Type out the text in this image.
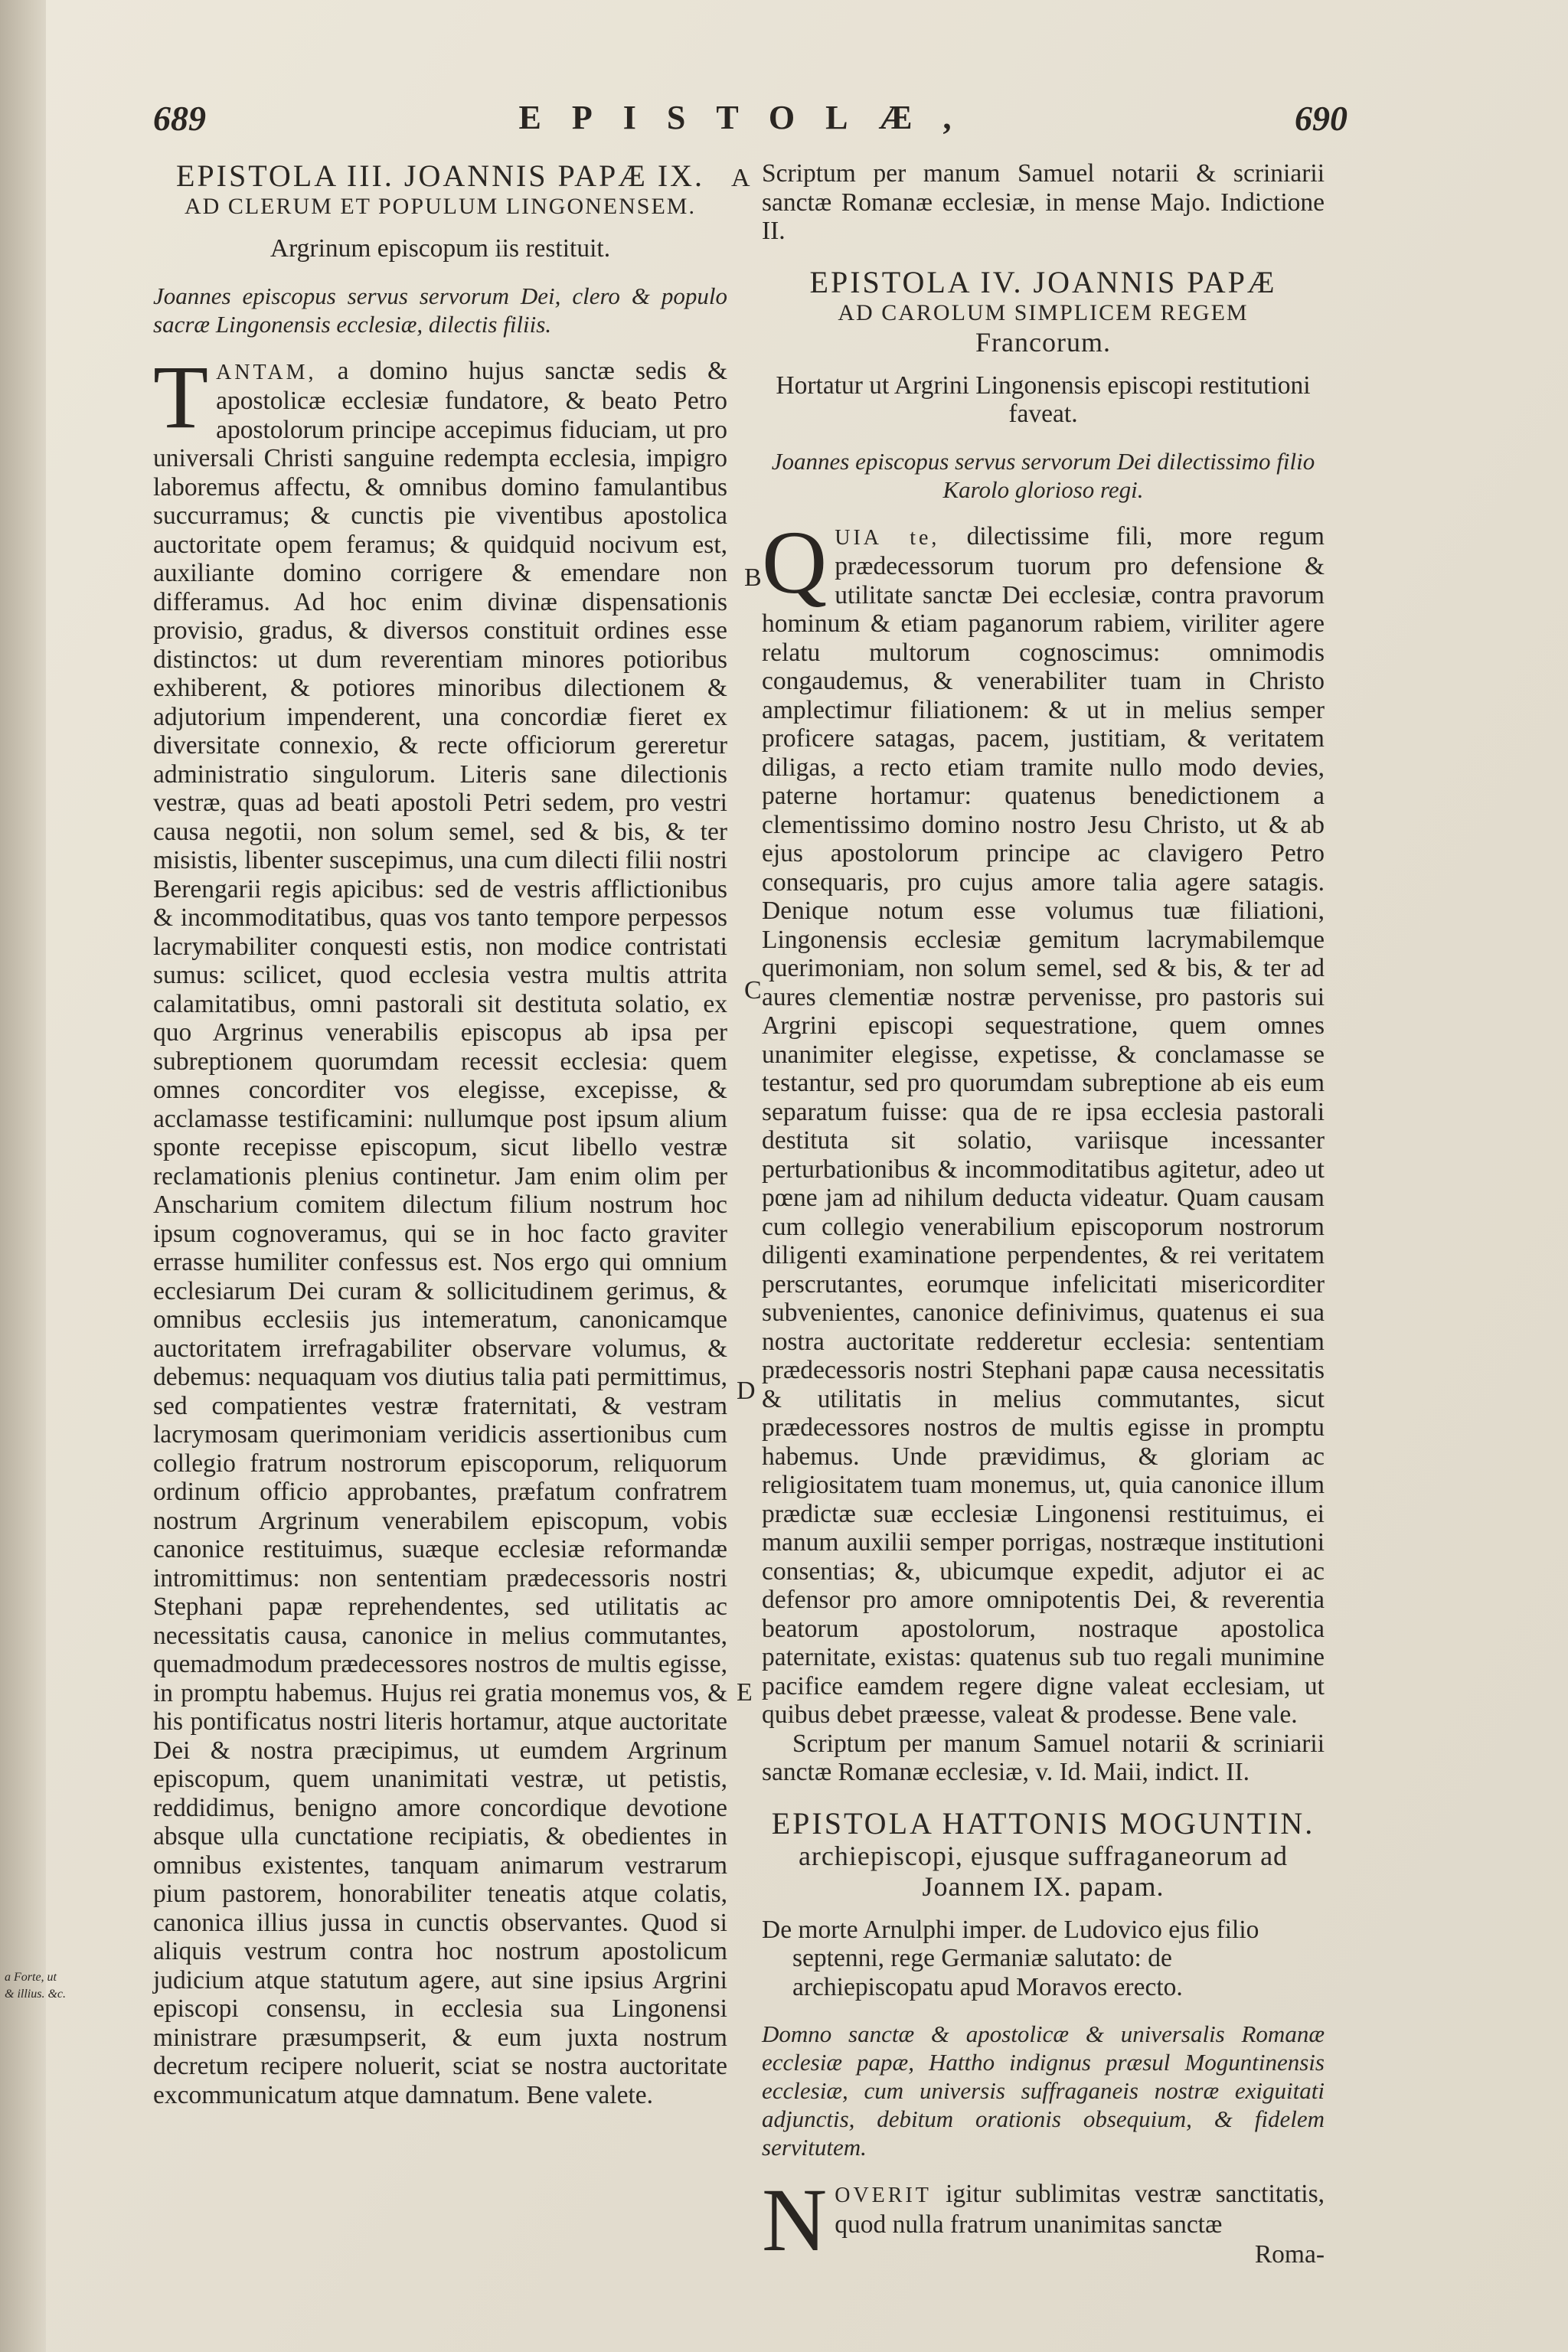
689	EPISTOLÆ,	690

EPISTOLA III. JOANNIS PAPÆ IX.

AD CLERUM ET POPULUM LINGONENSEM.

Argrinum episcopum iis restituit.

Joannes episcopus servus servorum Dei, clero & populo sacræ Lingonensis ecclesiæ, dilectis filiis.

TANTAM, a domino hujus sanctæ sedis & apostolicæ ecclesiæ fundatore, & beato Petro apostolorum principe accepimus fiduciam, ut pro universali Christi sanguine redempta ecclesia, impigro laboremus affectu, & omnibus domino famulantibus succurramus; & cunctis pie viventibus apostolica auctoritate opem feramus; & quidquid nocivum est, auxiliante domino corrigere & emendare non differamus. Ad hoc enim divinæ dispensationis provisio, gradus, & diversos constituit ordines esse distinctos: ut dum reverentiam minores potioribus exhiberent, & potiores minoribus dilectionem & adjutorium impenderent, una concordiæ fieret ex diversitate connexio, & recte officiorum gereretur administratio singulorum. Literis sane dilectionis vestræ, quas ad beati apostoli Petri sedem, pro vestri causa negotii, non solum semel, sed & bis, & ter misistis, libenter suscepimus, una cum dilecti filii nostri Berengarii regis apicibus: sed de vestris afflictionibus & incommoditatibus, quas vos tanto tempore perpessos lacrymabiliter conquesti estis, non modice contristati sumus: scilicet, quod ecclesia vestra multis attrita calamitatibus, omni pastorali sit destituta solatio, ex quo Argrinus venerabilis episcopus ab ipsa per subreptionem quorumdam recessit ecclesia: quem omnes concorditer vos elegisse, excepisse, & acclamasse testificamini: nullumque post ipsum alium sponte recepisse episcopum, sicut libello vestræ reclamationis plenius continetur. Jam enim olim per Anscharium comitem dilectum filium nostrum hoc ipsum cognoveramus, qui se in hoc facto graviter errasse humiliter confessus est. Nos ergo qui omnium ecclesiarum Dei curam & sollicitudinem gerimus, & omnibus ecclesiis jus intemeratum, canonicamque auctoritatem irrefragabiliter observare volumus, & debemus: nequaquam vos diutius talia pati permittimus, sed compatientes vestræ fraternitati, & vestram lacrymosam querimoniam veridicis assertionibus cum collegio fratrum nostrorum episcoporum, reliquorum ordinum officio approbantes, præfatum confratrem nostrum Argrinum venerabilem episcopum, vobis canonice restituimus, suæque ecclesiæ reformandæ intromittimus: non sententiam prædecessoris nostri Stephani papæ reprehendentes, sed utilitatis ac necessitatis causa, canonice in melius commutantes, quemadmodum prædecessores nostros de multis egisse, in promptu habemus. Hujus rei gratia monemus vos, & his pontificatus nostri literis hortamur, atque auctoritate Dei & nostra præcipimus, ut eumdem Argrinum episcopum, quem unanimitati vestræ, ut petistis, reddidimus, benigno amore concordique devotione absque ulla cunctatione recipiatis, & obedientes in omnibus existentes, tanquam animarum vestrarum pium pastorem, honorabiliter teneatis atque colatis, canonica illius jussa in cunctis observantes. Quod si aliquis vestrum contra hoc nostrum apostolicum judicium atque statutum agere, aut sine ipsius Argrini episcopi consensu, in ecclesia sua Lingonensi ministrare præsumpserit, & eum juxta nostrum decretum recipere noluerit, sciat se nostra auctoritate excommunicatum atque damnatum. Bene valete.

Scriptum per manum Samuel notarii & scriniarii sanctæ Romanæ ecclesiæ, in mense Majo. Indictione II.

EPISTOLA IV. JOANNIS PAPÆ

AD CAROLUM SIMPLICEM REGEM

Francorum.

Hortatur ut Argrini Lingonensis episcopi restitutioni faveat.

Joannes episcopus servus servorum Dei dilectissimo filio Karolo glorioso regi.

QUIA te, dilectissime fili, more regum prædecessorum tuorum pro defensione & utilitate sanctæ Dei ecclesiæ, contra pravorum hominum & etiam paganorum rabiem, viriliter agere relatu multorum cognoscimus: omnimodis congaudemus, & venerabiliter tuam in Christo amplectimur filiationem: & ut in melius semper proficere satagas, pacem, justitiam, & veritatem diligas, a recto etiam tramite nullo modo devies, paterne hortamur: quatenus benedictionem a clementissimo domino nostro Jesu Christo, ut & ab ejus apostolorum principe ac clavigero Petro consequaris, pro cujus amore talia agere satagis. Denique notum esse volumus tuæ filiationi, Lingonensis ecclesiæ gemitum lacrymabilemque querimoniam, non solum semel, sed & bis, & ter ad aures clementiæ nostræ pervenisse, pro pastoris sui Argrini episcopi sequestratione, quem omnes unanimiter elegisse, expetisse, & conclamasse se testantur, sed pro quorumdam subreptione ab eis eum separatum fuisse: qua de re ipsa ecclesia pastorali destituta sit solatio, variisque incessanter perturbationibus & incommoditatibus agitetur, adeo ut pœne jam ad nihilum deducta videatur. Quam causam cum collegio venerabilium episcoporum nostrorum diligenti examinatione perpendentes, & rei veritatem perscrutantes, eorumque infelicitati misericorditer subvenientes, canonice definivimus, quatenus ei sua nostra auctoritate redderetur ecclesia: sententiam prædecessoris nostri Stephani papæ causa necessitatis & utilitatis in melius commutantes, sicut prædecessores nostros de multis egisse in promptu habemus. Unde prævidimus, & gloriam ac religiositatem tuam monemus, ut, quia canonice illum prædictæ suæ ecclesiæ Lingonensi restituimus, ei manum auxilii semper porrigas, nostræque institutioni consentias; &, ubicumque expedit, adjutor ei ac defensor pro amore omnipotentis Dei, & reverentia beatorum apostolorum, nostraque apostolica paternitate, existas: quatenus sub tuo regali munimine pacifice eamdem regere digne valeat ecclesiam, ut quibus debet præesse, valeat & prodesse. Bene vale.

Scriptum per manum Samuel notarii & scriniarii sanctæ Romanæ ecclesiæ, v. Id. Maii, indict. II.

EPISTOLA HATTONIS MOGUNTIN.

archiepiscopi, ejusque suffraganeorum ad

Joannem IX. papam.

De morte Arnulphi imper. de Ludovico ejus filio septenni, rege Germaniæ salutato: de archiepiscopatu apud Moravos erecto.

Domno sanctæ & apostolicæ & universalis Romanæ ecclesiæ papæ, Hattho indignus præsul Moguntinensis ecclesiæ, cum universis suffraganeis nostræ exiguitati adjunctis, debitum orationis obsequium, & fidelem servitutem.

NOVERIT igitur sublimitas vestræ sanctitatis, quod nulla fratrum unanimitas sanctæ

Roma-

A
B
C
D
E
a Forte, ut & illius. &c.
